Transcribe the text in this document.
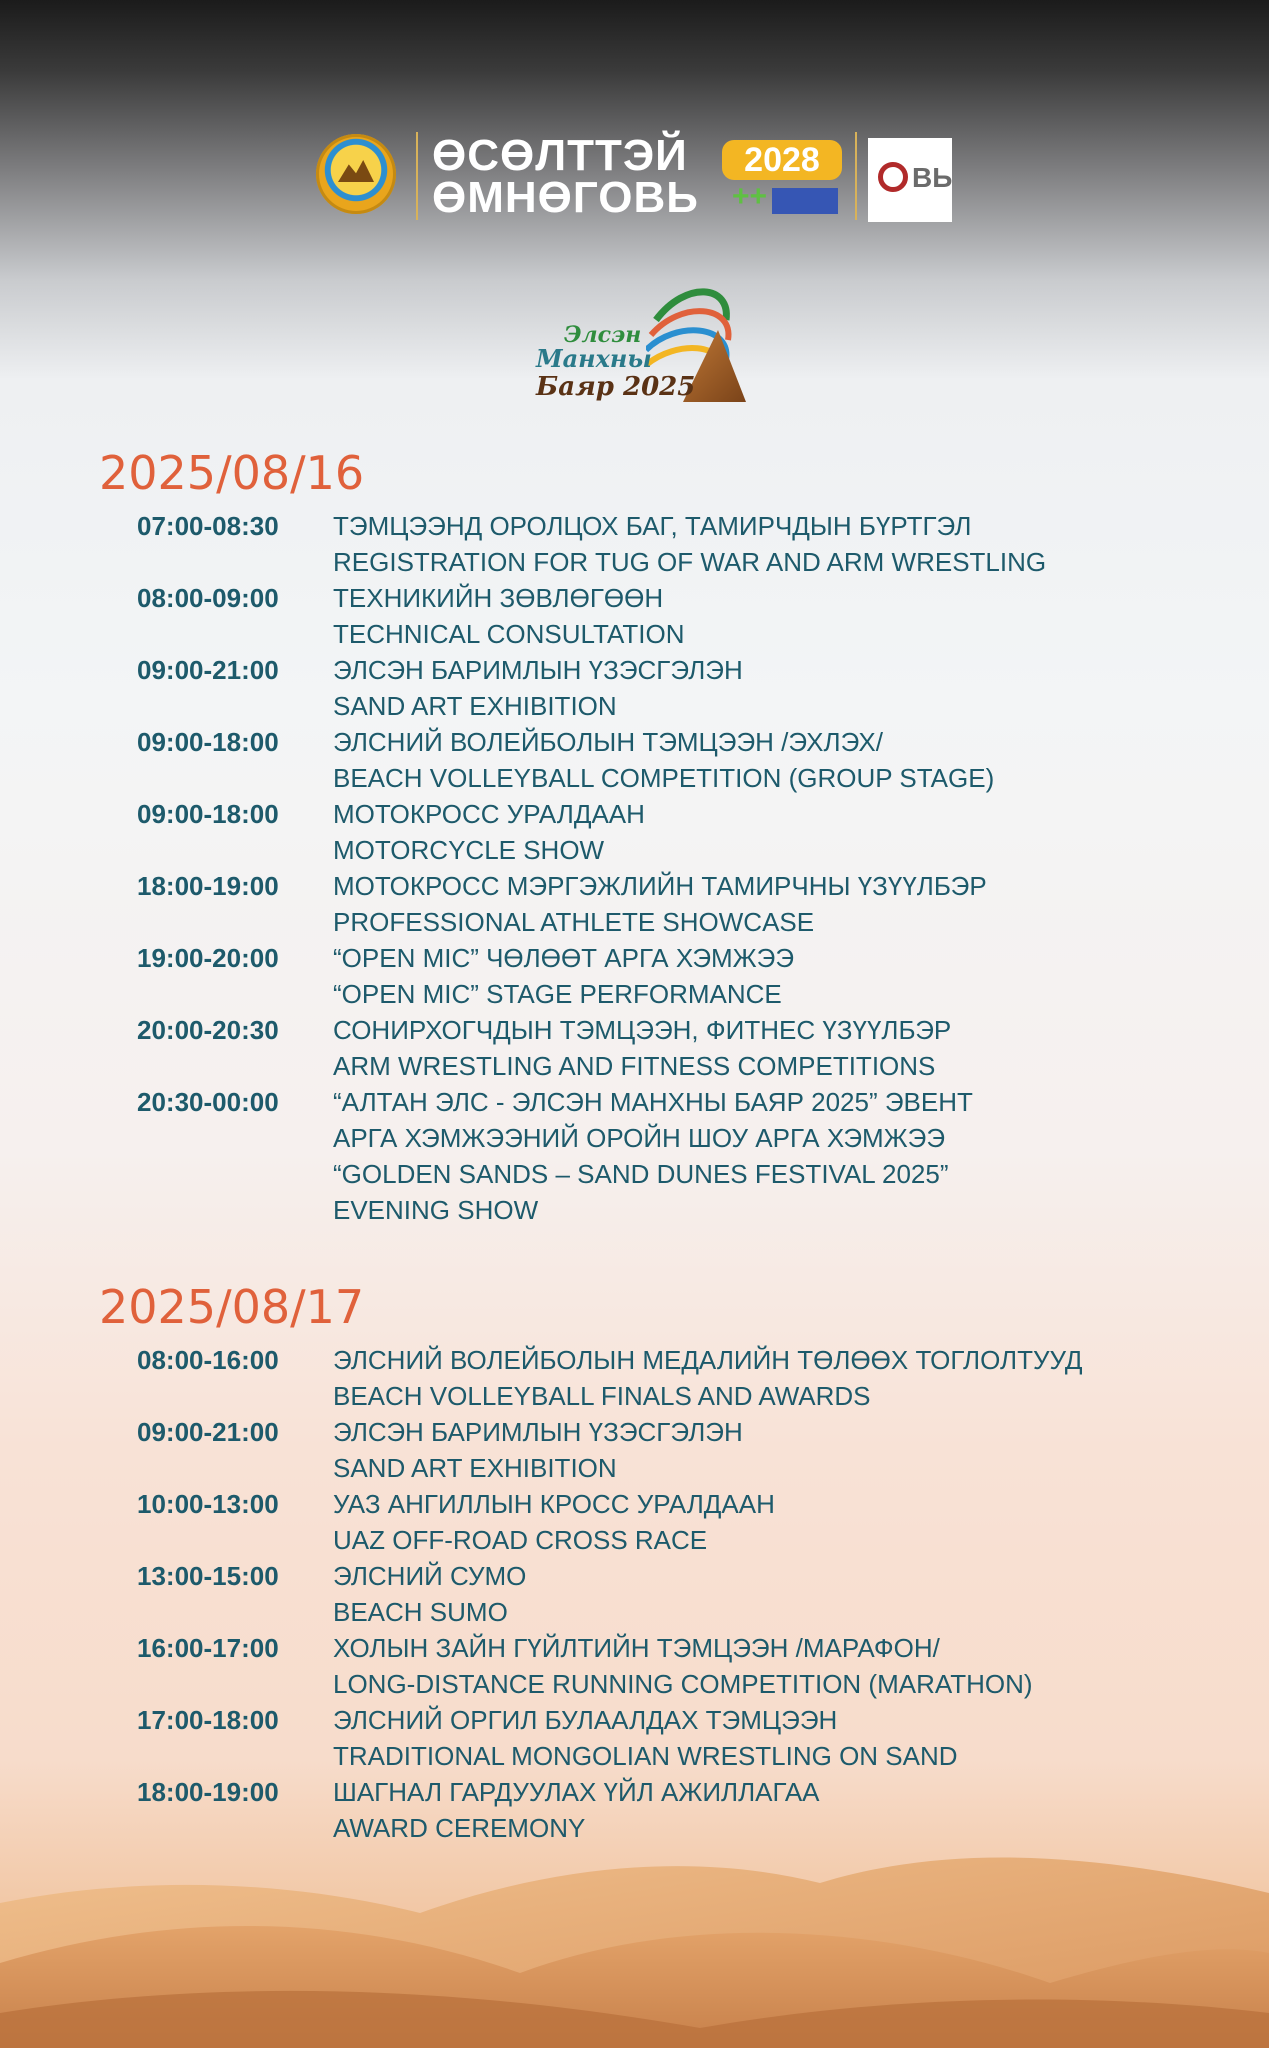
ӨСӨЛТТЭЙ
ӨМНӨГОВЬ
2028
++
ВЬ
Элсэн
Манхны
Баяр 2025
2025/08/16
07:00-08:30	ТЭМЦЭЭНД ОРОЛЦОХ БАГ, ТАМИРЧДЫН БҮРТГЭЛ
REGISTRATION FOR TUG OF WAR AND ARM WRESTLING
08:00-09:00	ТЕХНИКИЙН ЗӨВЛӨГӨӨН
TECHNICAL CONSULTATION
09:00-21:00	ЭЛСЭН БАРИМЛЫН ҮЗЭСГЭЛЭН
SAND ART EXHIBITION
09:00-18:00	ЭЛСНИЙ ВОЛЕЙБОЛЫН ТЭМЦЭЭН /ЭХЛЭХ/
BEACH VOLLEYBALL COMPETITION (GROUP STAGE)
09:00-18:00	МОТОКРОСС УРАЛДААН
MOTORCYCLE SHOW
18:00-19:00	МОТОКРОСС МЭРГЭЖЛИЙН ТАМИРЧНЫ ҮЗҮҮЛБЭР
PROFESSIONAL ATHLETE SHOWCASE
19:00-20:00	“OPEN MIC” ЧӨЛӨӨТ АРГА ХЭМЖЭЭ
“OPEN MIC” STAGE PERFORMANCE
20:00-20:30	СОНИРХОГЧДЫН ТЭМЦЭЭН, ФИТНЕС ҮЗҮҮЛБЭР
ARM WRESTLING AND FITNESS COMPETITIONS
20:30-00:00	“АЛТАН ЭЛС - ЭЛСЭН МАНХНЫ БАЯР 2025” ЭВЕНТ
АРГА ХЭМЖЭЭНИЙ ОРОЙН ШОУ АРГА ХЭМЖЭЭ
“GOLDEN SANDS – SAND DUNES FESTIVAL 2025”
EVENING SHOW
2025/08/17
08:00-16:00	ЭЛСНИЙ ВОЛЕЙБОЛЫН МЕДАЛИЙН ТӨЛӨӨХ ТОГЛОЛТУУД
BEACH VOLLEYBALL FINALS AND AWARDS
09:00-21:00	ЭЛСЭН БАРИМЛЫН ҮЗЭСГЭЛЭН
SAND ART EXHIBITION
10:00-13:00	УАЗ АНГИЛЛЫН КРОСС УРАЛДААН
UAZ OFF-ROAD CROSS RACE
13:00-15:00	ЭЛСНИЙ СУМО
BEACH SUMO
16:00-17:00	ХОЛЫН ЗАЙН ГҮЙЛТИЙН ТЭМЦЭЭН /МАРАФОН/
LONG-DISTANCE RUNNING COMPETITION (MARATHON)
17:00-18:00	ЭЛСНИЙ ОРГИЛ БУЛААЛДАХ ТЭМЦЭЭН
TRADITIONAL MONGOLIAN WRESTLING ON SAND
18:00-19:00	ШАГНАЛ ГАРДУУЛАХ ҮЙЛ АЖИЛЛАГАА
AWARD CEREMONY
